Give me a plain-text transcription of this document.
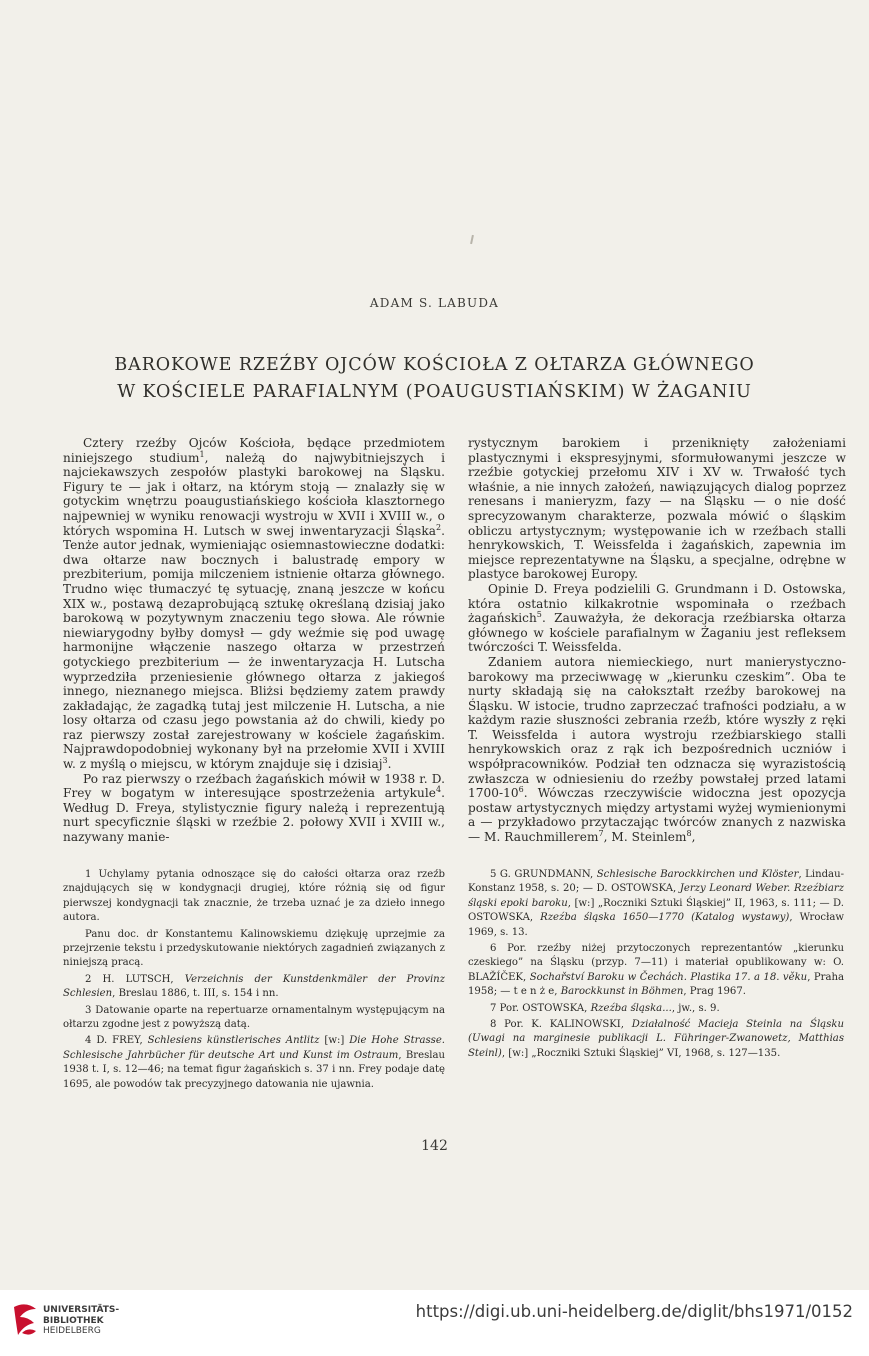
ADAM S. LABUDA
BAROKOWE RZEŹBY OJCÓW KOŚCIOŁA Z OŁTARZA GŁÓWNEGO
W KOŚCIELE PARAFIALNYM (POAUGUSTIAŃSKIM) W ŻAGANIU

Cztery rzeźby Ojców Kościoła, będące przedmiotem niniejszego studium$^1$, należą do najwybitniejszych i najciekawszych zespołów plastyki barokowej na Śląsku. Figury te — jak i ołtarz, na którym stoją — znalazły się w gotyckim wnętrzu poaugustiańskiego kościoła klasztornego najpewniej w wyniku renowacji wystroju w XVII i XVIII w., o których wspomina H. Lutsch w swej inwentaryzacji Śląska$^2$. Tenże autor jednak, wymieniając osiemnastowieczne dodatki: dwa ołtarze naw bocznych i balustradę empory w prezbiterium, pomija milczeniem istnienie ołtarza głównego. Trudno więc tłumaczyć tę sytuację, znaną jeszcze w końcu XIX w., postawą dezaprobującą sztukę określaną dzisiaj jako barokową w pozytywnym znaczeniu tego słowa. Ale równie niewiarygodny byłby domysł — gdy weźmie się pod uwagę harmonijne włączenie naszego ołtarza w przestrzeń gotyckiego prezbiterium — że inwentaryzacja H. Lutscha wyprzedziła przeniesienie głównego ołtarza z jakiegoś innego, nieznanego miejsca. Bliżsi będziemy zatem prawdy zakładając, że zagadką tutaj jest milczenie H. Lutscha, a nie losy ołtarza od czasu jego powstania aż do chwili, kiedy po raz pierwszy został zarejestrowany w kościele żagańskim. Najprawdopodobniej wykonany był na przełomie XVII i XVIII w. z myślą o miejscu, w którym znajduje się i dzisiaj$^3$.

Po raz pierwszy o rzeźbach żagańskich mówił w 1938 r. D. Frey w bogatym w interesujące spostrzeżenia artykule$^4$. Według D. Freya, stylistycznie figury należą i reprezentują nurt specyficznie śląski w rzeźbie 2. połowy XVII i XVIII w., nazywany manie-

rystycznym barokiem i przeniknięty założeniami plastycznymi i ekspresyjnymi, sformułowanymi jeszcze w rzeźbie gotyckiej przełomu XIV i XV w. Trwałość tych właśnie, a nie innych założeń, nawiązujących dialog poprzez renesans i manieryzm, fazy — na Śląsku — o nie dość sprecyzowanym charakterze, pozwala mówić o śląskim obliczu artystycznym; występowanie ich w rzeźbach stalli henrykowskich, T. Weissfelda i żagańskich, zapewnia im miejsce reprezentatywne na Śląsku, a specjalne, odrębne w plastyce barokowej Europy.

Opinie D. Freya podzielili G. Grundmann i D. Ostowska, która ostatnio kilkakrotnie wspominała o rzeźbach żagańskich$^5$. Zauważyła, że dekoracja rzeźbiarska ołtarza głównego w kościele parafialnym w Żaganiu jest refleksem twórczości T. Weissfelda.

Zdaniem autora niemieckiego, nurt manierystyczno-barokowy ma przeciwwagę w „kierunku czeskim”. Oba te nurty składają się na całokształt rzeźby barokowej na Śląsku. W istocie, trudno zaprzeczać trafności podziału, a w każdym razie słuszności zebrania rzeźb, które wyszły z ręki T. Weissfelda i autora wystroju rzeźbiarskiego stalli henrykowskich oraz z rąk ich bezpośrednich uczniów i współpracowników. Podział ten odznacza się wyrazistością zwłaszcza w odniesieniu do rzeźby powstałej przed latami $1700-10^6$. Wówczas rzeczywiście widoczna jest opozycja postaw artystycznych między artystami wyżej wymienionymi a — przykładowo przytaczając twórców znanych z nazwiska — M. Rauchmillerem$^7$, M. Steinlem$^8$,

1 Uchylamy pytania odnoszące się do całości ołtarza oraz rzeźb znajdujących się w kondygnacji drugiej, które różnią się od figur pierwszej kondygnacji tak znacznie, że trzeba uznać je za dzieło innego autora.

Panu doc. dr Konstantemu Kalinowskiemu dziękuję uprzejmie za przejrzenie tekstu i przedyskutowanie niektórych zagadnień związanych z niniejszą pracą.

2 H. LUTSCH, Verzeichnis der Kunstdenkmäler der Provinz Schlesien, Breslau 1886, t. III, s. 154 i nn.

3 Datowanie oparte na repertuarze ornamentalnym występującym na ołtarzu zgodne jest z powyższą datą.

4 D. FREY, Schlesiens künstlerisches Antlitz [w:] Die Hohe Strasse. Schlesische Jahrbücher für deutsche Art und Kunst im Ostraum, Breslau 1938 t. I, s. 12—46; na temat figur żagańskich s. 37 i nn. Frey podaje datę 1695, ale powodów tak precyzyjnego datowania nie ujawnia.

5 G. GRUNDMANN, Schlesische Barockkirchen und Klöster, Lindau-Konstanz 1958, s. 20; — D. OSTOWSKA, Jerzy Leonard Weber. Rzeźbiarz śląski epoki baroku, [w:] „Roczniki Sztuki Śląskiej” II, 1963, s. 111; — D. OSTOWSKA, Rzeźba śląska 1650—1770 (Katalog wystawy), Wrocław 1969, s. 13.

6 Por. rzeźby niżej przytoczonych reprezentantów „kierunku czeskiego” na Śląsku (przyp. 7—11) i materiał opublikowany w: O. BLAŽÍČEK, Sochařství Baroku w Čechách. Plastika 17. a 18. věku, Praha 1958; — t e n ż e, Barockkunst in Böhmen, Prag 1967.

7 Por. OSTOWSKA, Rzeźba śląska..., jw., s. 9.

8 Por. K. KALINOWSKI, Działalność Macieja Steinla na Śląsku (Uwagi na marginesie publikacji L. Führinger-Zwanowetz, Matthias Steinl), [w:] „Roczniki Sztuki Śląskiej” VI, 1968, s. 127—135.

142
UNIVERSITÄTS-
BIBLIOTHEK
HEIDELBERG
https://digi.ub.uni-heidelberg.de/diglit/bhs1971/0152
